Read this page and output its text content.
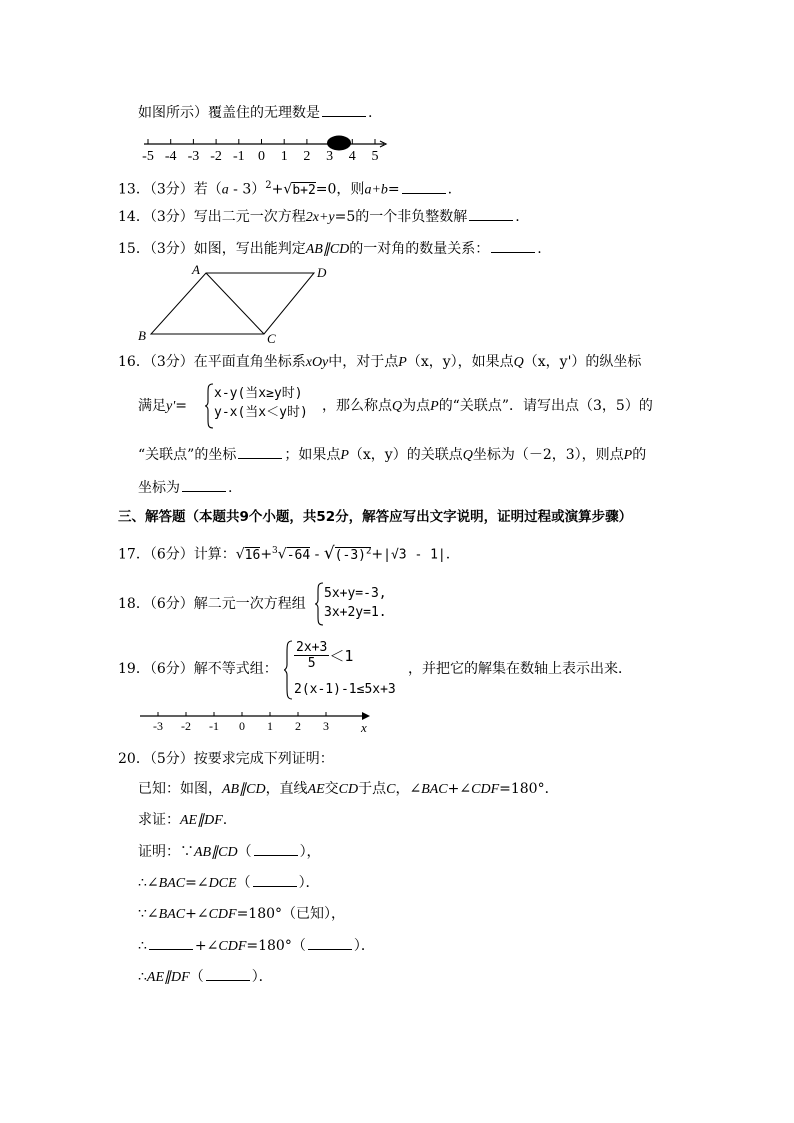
如图所示）覆盖住的无理数是	.
-5 -4 -3 -2 -1 0 1 2 3 4 5
13．（3分）若（a - 3）$^2$+√b+2=0，则a+b=	.
14．（3分）写出二元一次方程2x+y=5的一个非负整数解	.
15．（3分）如图，写出能判定AB∥CD的一对角的数量关系：	.
A	D
B	C
16．（3分）在平面直角坐标系xOy中，对于点P（x，y），如果点Q（x，y'）的纵坐标
满足y'=
x-y(当x≥y时)
y-x(当x＜y时) ，那么称点Q为点P的“关联点”．请写出点（3，5）的
“关联点”的坐标	；如果点P（x，y）的关联点Q坐标为（－2，3），则点P的
坐标为	.
三、解答题（本题共9个小题，共52分，解答应写出文字说明，证明过程或演算步骤）
17．（6分）计算：$√16+^3√-64 - √(-3)^2+|√3 - 1|$.
18．（6分）解二元一次方程组
5x+y=-3,
3x+2y=1.
19．（6分）解不等式组： $\frac{2x+3}{5} <1$
2(x-1)-1≤5x+3
，并把它的解集在数轴上表示出来．
-3 -2 -1 0 1 2 3 x
20．（5分）按要求完成下列证明：
已知：如图，AB∥CD，直线AE交CD于点C，∠BAC+∠CDF=180°．
求证：AE∥DF.
证明：∵AB∥CD（	），
∴∠BAC=∠DCE（	）．
∵∠BAC+∠CDF=180°（已知），
∴	+∠CDF=180°（	）．
∴AE∥DF（	）．
